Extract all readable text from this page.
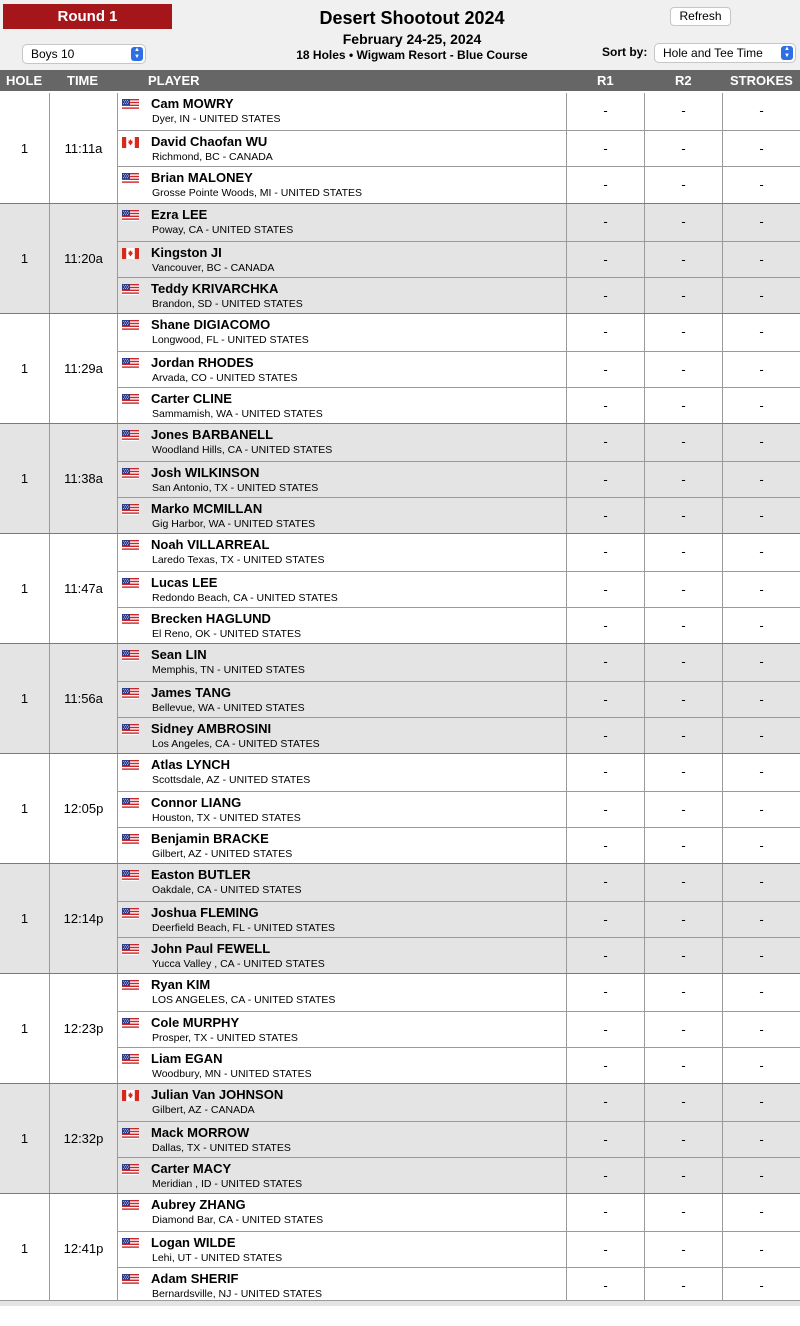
Round 1
Boys 10	▲
▼
Desert Shootout 2024
February 24-25, 2024
18 Holes • Wigwam Resort - Blue Course
Refresh
Sort by:	Hole and Tee Time	▲
▼
HOLE TIME	PLAYER	R1	R2	STROKES
1	11:11a
Cam MOWRY
Dyer, IN - UNITED STATES
-	-	-
David Chaofan WU
Richmond, BC - CANADA
-	-	-
Brian MALONEY
Grosse Pointe Woods, MI - UNITED STATES
-	-	-
1	11:20a
Ezra LEE
Poway, CA - UNITED STATES
-	-	-
Kingston JI
Vancouver, BC - CANADA
-	-	-
Teddy KRIVARCHKA
Brandon, SD - UNITED STATES
-	-	-
1	11:29a
Shane DIGIACOMO
Longwood, FL - UNITED STATES
-	-	-
Jordan RHODES
Arvada, CO - UNITED STATES
-	-	-
Carter CLINE
Sammamish, WA - UNITED STATES
-	-	-
1	11:38a
Jones BARBANELL
Woodland Hills, CA - UNITED STATES
-	-	-
Josh WILKINSON
San Antonio, TX - UNITED STATES
-	-	-
Marko MCMILLAN
Gig Harbor, WA - UNITED STATES
-	-	-
1	11:47a
Noah VILLARREAL
Laredo Texas, TX - UNITED STATES
-	-	-
Lucas LEE
Redondo Beach, CA - UNITED STATES
-	-	-
Brecken HAGLUND
El Reno, OK - UNITED STATES
-	-	-
1	11:56a
Sean LIN
Memphis, TN - UNITED STATES
-	-	-
James TANG
Bellevue, WA - UNITED STATES
-	-	-
Sidney AMBROSINI
Los Angeles, CA - UNITED STATES
-	-	-
1	12:05p
Atlas LYNCH
Scottsdale, AZ - UNITED STATES
-	-	-
Connor LIANG
Houston, TX - UNITED STATES
-	-	-
Benjamin BRACKE
Gilbert, AZ - UNITED STATES
-	-	-
1	12:14p
Easton BUTLER
Oakdale, CA - UNITED STATES
-	-	-
Joshua FLEMING
Deerfield Beach, FL - UNITED STATES
-	-	-
John Paul FEWELL
Yucca Valley , CA - UNITED STATES
-	-	-
1	12:23p
Ryan KIM
LOS ANGELES, CA - UNITED STATES
-	-	-
Cole MURPHY
Prosper, TX - UNITED STATES
-	-	-
Liam EGAN
Woodbury, MN - UNITED STATES
-	-	-
1	12:32p
Julian Van JOHNSON
Gilbert, AZ - CANADA
-	-	-
Mack MORROW
Dallas, TX - UNITED STATES
-	-	-
Carter MACY
Meridian , ID - UNITED STATES
-	-	-
1	12:41p
Aubrey ZHANG
Diamond Bar, CA - UNITED STATES
-	-	-
Logan WILDE
Lehi, UT - UNITED STATES
-	-	-
Adam SHERIF
Bernardsville, NJ - UNITED STATES
-	-	-
